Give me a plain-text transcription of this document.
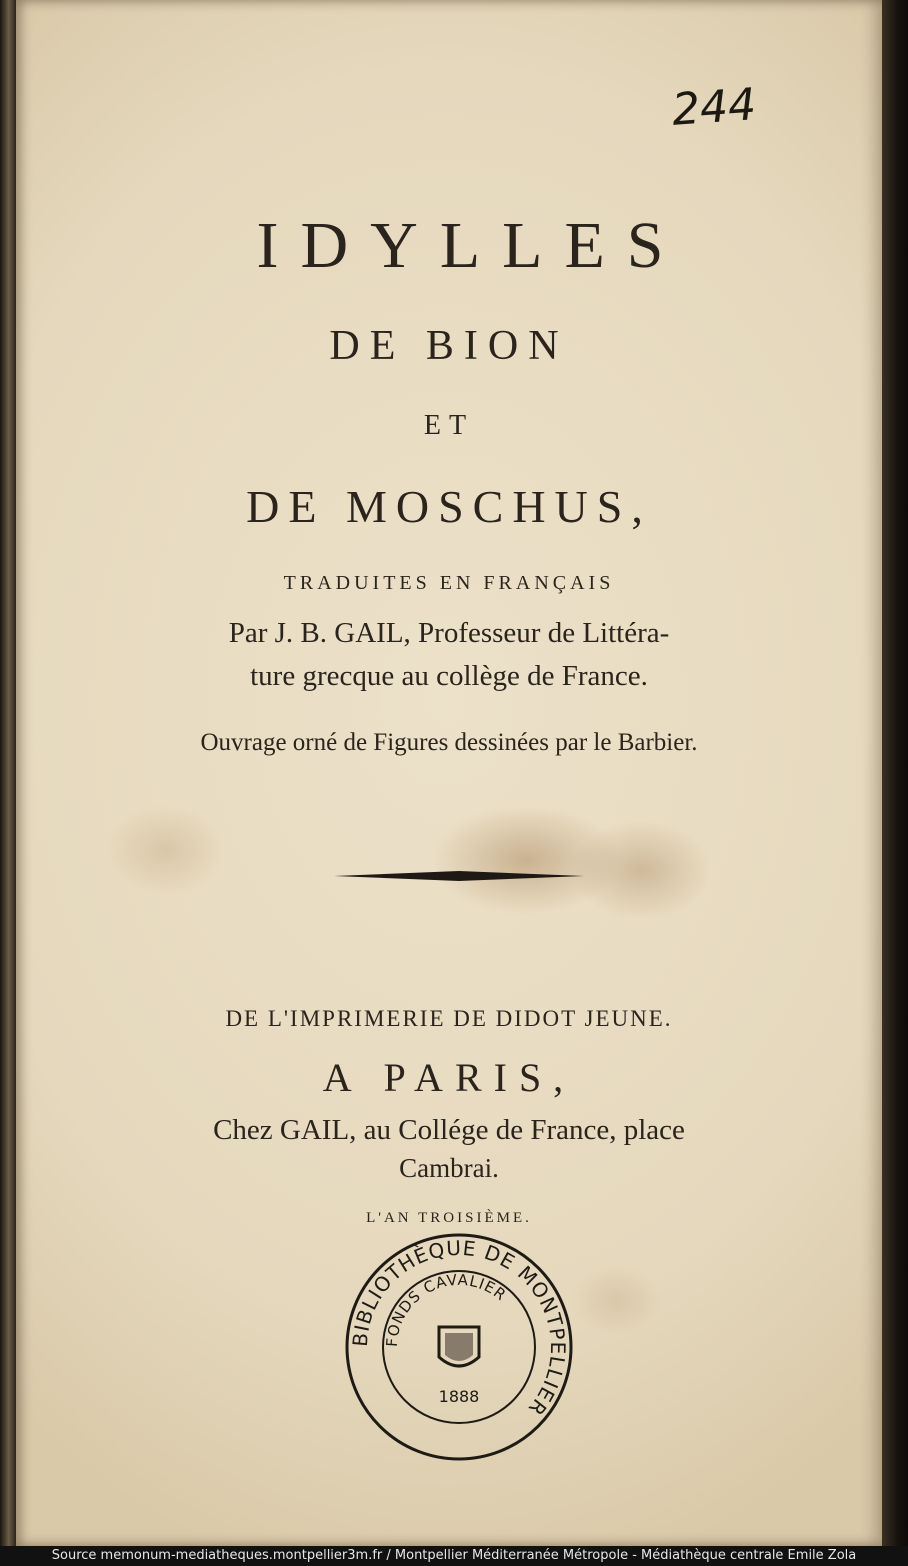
244
IDYLLES
DE BION
ET
DE MOSCHUS,
TRADUITES EN FRANÇAIS
Par J. B. GAIL, Professeur de Littéra-
ture grecque au collège de France.
Ouvrage orné de Figures dessinées par le Barbier.
DE L'IMPRIMERIE DE DIDOT JEUNE.
A PARIS,
Chez GAIL, au Collége de France, place
Cambrai.
L'AN TROISIÈME.
BIBLIOTHÈQUE DE MONTPELLIER
FONDS CAVALIER
1888
Source memonum-mediatheques.montpellier3m.fr / Montpellier Méditerranée Métropole - Médiathèque centrale Emile Zola
